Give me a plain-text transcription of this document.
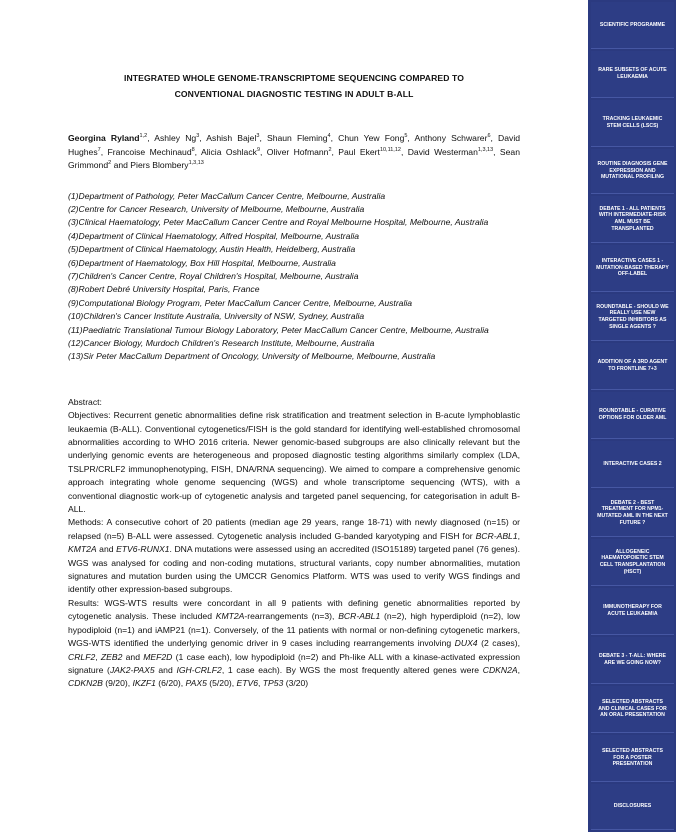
INTEGRATED WHOLE GENOME-TRANSCRIPTOME SEQUENCING COMPARED TO
CONVENTIONAL DIAGNOSTIC TESTING IN ADULT B-ALL
Georgina Ryland$^{1,2}$, Ashley Ng$^3$, Ashish Bajel$^3$, Shaun Fleming$^4$, Chun Yew Fong$^5$, Anthony Schwarer$^6$, David Hughes$^7$, Francoise Mechinaud$^8$, Alicia Oshlack$^9$, Oliver Hofmann$^2$, Paul Ekert$^{10,11,12}$, David Westerman$^{1,3,13}$, Sean Grimmond$^2$ and Piers Blombery$^{1,3,13}$
(1)Department of Pathology, Peter MacCallum Cancer Centre, Melbourne, Australia
(2)Centre for Cancer Research, University of Melbourne, Melbourne, Australia
(3)Clinical Haematology, Peter MacCallum Cancer Centre and Royal Melbourne Hospital, Melbourne, Australia
(4)Department of Clinical Haematology, Alfred Hospital, Melbourne, Australia
(5)Department of Clinical Haematology, Austin Health, Heidelberg, Australia
(6)Department of Haematology, Box Hill Hospital, Melbourne, Australia
(7)Children's Cancer Centre, Royal Children's Hospital, Melbourne, Australia
(8)Robert Debré University Hospital, Paris, France
(9)Computational Biology Program, Peter MacCallum Cancer Centre, Melbourne, Australia
(10)Children's Cancer Institute Australia, University of NSW, Sydney, Australia
(11)Paediatric Translational Tumour Biology Laboratory, Peter MacCallum Cancer Centre, Melbourne, Australia
(12)Cancer Biology, Murdoch Children's Research Institute, Melbourne, Australia
(13)Sir Peter MacCallum Department of Oncology, University of Melbourne, Melbourne, Australia

Abstract:

Objectives: Recurrent genetic abnormalities define risk stratification and treatment selection in B-acute lymphoblastic leukaemia (B-ALL). Conventional cytogenetics/FISH is the gold standard for identifying well-established chromosomal abnormalities according to WHO 2016 criteria. Newer genomic-based subgroups are also clinically relevant but the underlying genomic events are heterogeneous and proposed diagnostic testing algorithms similarly complex (LDA, TSLPR/CRLF2 immunophenotyping, FISH, DNA/RNA sequencing). We aimed to compare a comprehensive genomic approach integrating whole genome sequencing (WGS) and whole transcriptome sequencing (WTS), with a conventional diagnostic work-up of cytogenetic analysis and targeted panel sequencing, for categorisation in adult B-ALL.

Methods: A consecutive cohort of 20 patients (median age 29 years, range 18-71) with newly diagnosed (n=15) or relapsed (n=5) B-ALL were assessed. Cytogenetic analysis included G-banded karyotyping and FISH for BCR-ABL1, KMT2A and ETV6-RUNX1. DNA mutations were assessed using an accredited (ISO15189) targeted panel (76 genes). WGS was analysed for coding and non-coding mutations, structural variants, copy number abnormalities, mutation signatures and mutation burden using the UMCCR Genomics Platform. WTS was used to verify WGS findings and identify other expression-based subgroups.

Results: WGS-WTS results were concordant in all 9 patients with defining genetic abnormalities reported by cytogenetic analysis. These included KMT2A-rearrangements (n=3), BCR-ABL1 (n=2), high hyperdiploid (n=2), low hypodiploid (n=1) and iAMP21 (n=1). Conversely, of the 11 patients with normal or non-defining cytogenetic markers, WGS-WTS identified the underlying genomic driver in 9 cases including rearrangements involving DUX4 (2 cases), CRLF2, ZEB2 and MEF2D (1 case each), low hypodiploid (n=2) and Ph-like ALL with a kinase-activated expression signature (JAK2-PAX5 and IGH-CRLF2, 1 case each). By WGS the most frequently altered genes were CDKN2A, CDKN2B (9/20), IKZF1 (6/20), PAX5 (5/20), ETV6, TP53 (3/20)

SCIENTIFIC PROGRAMME
RARE SUBSETS OF ACUTE LEUKAEMIA
TRACKING LEUKAEMIC STEM CELLS (LSCS)
ROUTINE DIAGNOSIS GENE EXPRESSION AND MUTATIONAL PROFILING
DEBATE 1 - ALL PATIENTS WITH INTERMEDIATE-RISK AML MUST BE TRANSPLANTED
INTERACTIVE CASES 1 - MUTATION-BASED THERAPY OFF-LABEL
ROUNDTABLE - SHOULD WE REALLY USE NEW TARGETED INHIBITORS AS SINGLE AGENTS ?
ADDITION OF A 3RD AGENT TO FRONTLINE 7+3
ROUNDTABLE - CURATIVE OPTIONS FOR OLDER AML
INTERACTIVE CASES 2
DEBATE 2 - BEST TREATMENT FOR NPM1-MUTATED AML IN THE NEXT FUTURE ?
ALLOGENEIC HAEMATOPOIETIC STEM CELL TRANSPLANTATION (HSCT)
IMMUNOTHERAPY FOR ACUTE LEUKAEMIA
DEBATE 3 - T-ALL: WHERE ARE WE GOING NOW?
SELECTED ABSTRACTS AND CLINICAL CASES FOR AN ORAL PRESENTATION
SELECTED ABSTRACTS FOR A POSTER PRESENTATION
DISCLOSURES
